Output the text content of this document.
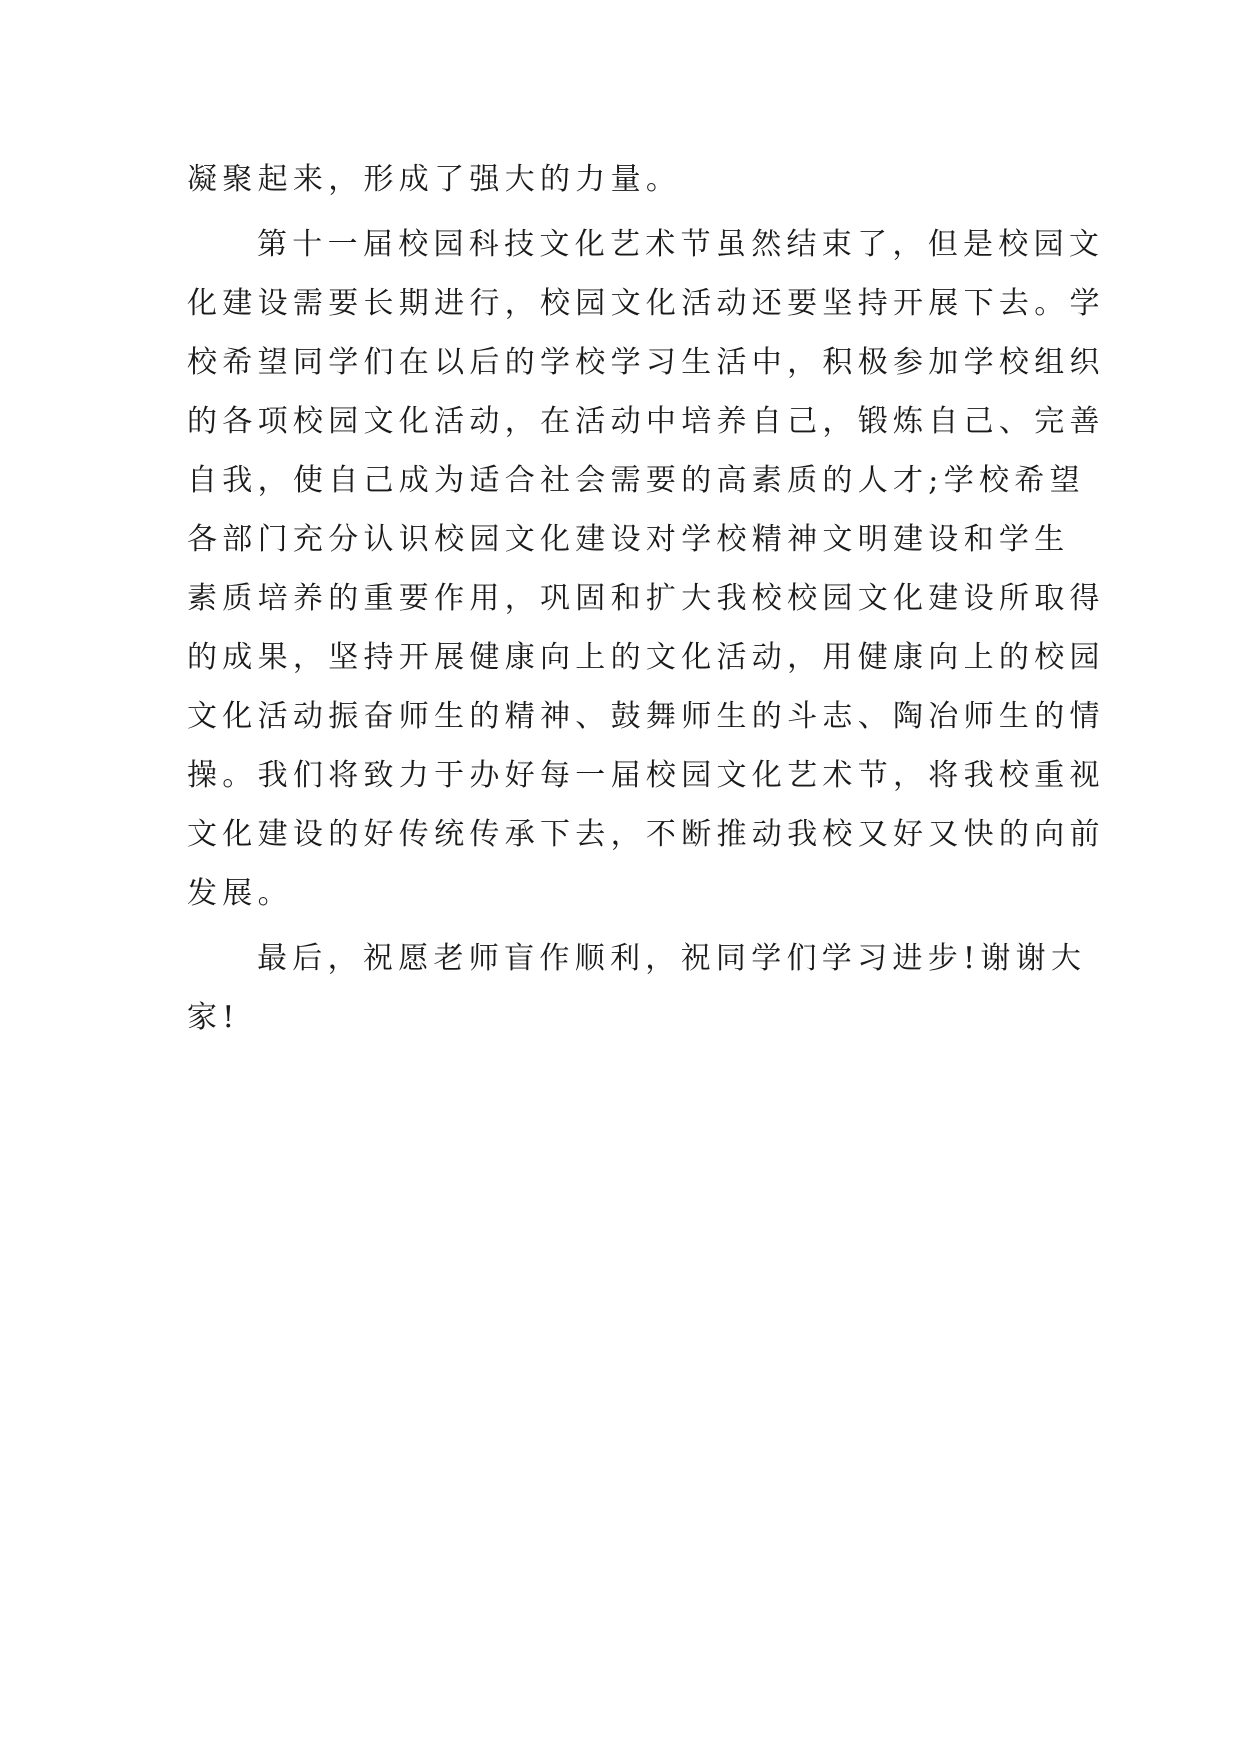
凝聚起来，形成了强大的力量。
第十一届校园科技文化艺术节虽然结束了，但是校园文
化建设需要长期进行，校园文化活动还要坚持开展下去。学
校希望同学们在以后的学校学习生活中，积极参加学校组织
的各项校园文化活动，在活动中培养自己，锻炼自己、完善
自我，使自己成为适合社会需要的高素质的人才;学校希望
各部门充分认识校园文化建设对学校精神文明建设和学生
素质培养的重要作用，巩固和扩大我校校园文化建设所取得
的成果，坚持开展健康向上的文化活动，用健康向上的校园
文化活动振奋师生的精神、鼓舞师生的斗志、陶冶师生的情
操。我们将致力于办好每一届校园文化艺术节，将我校重视
文化建设的好传统传承下去，不断推动我校又好又快的向前
发展。
最后，祝愿老师盲作顺利，祝同学们学习进步!谢谢大
家!
